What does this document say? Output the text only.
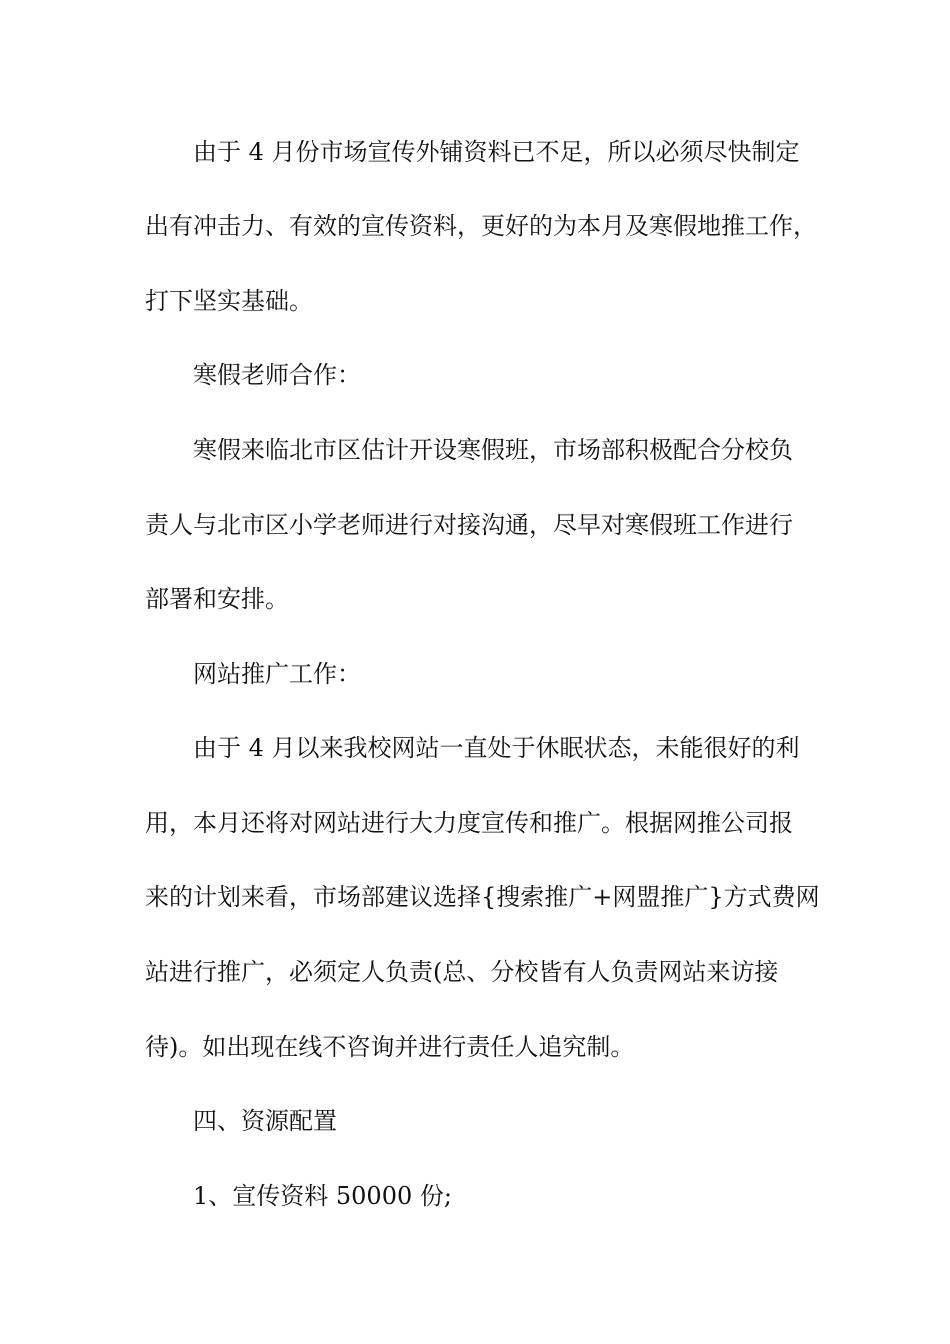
由于 4 月份市场宣传外铺资料已不足，所以必须尽快制定

出有冲击力、有效的宣传资料，更好的为本月及寒假地推工作，

打下坚实基础。

寒假老师合作：

寒假来临北市区估计开设寒假班，市场部积极配合分校负

责人与北市区小学老师进行对接沟通，尽早对寒假班工作进行

部署和安排。

网站推广工作：

由于 4 月以来我校网站一直处于休眠状态，未能很好的利

用，本月还将对网站进行大力度宣传和推广。根据网推公司报

来的计划来看，市场部建议选择{搜索推广+网盟推广}方式费网

站进行推广，必须定人负责(总、分校皆有人负责网站来访接

待)。如出现在线不咨询并进行责任人追究制。

四、资源配置

1、宣传资料 50000 份;
